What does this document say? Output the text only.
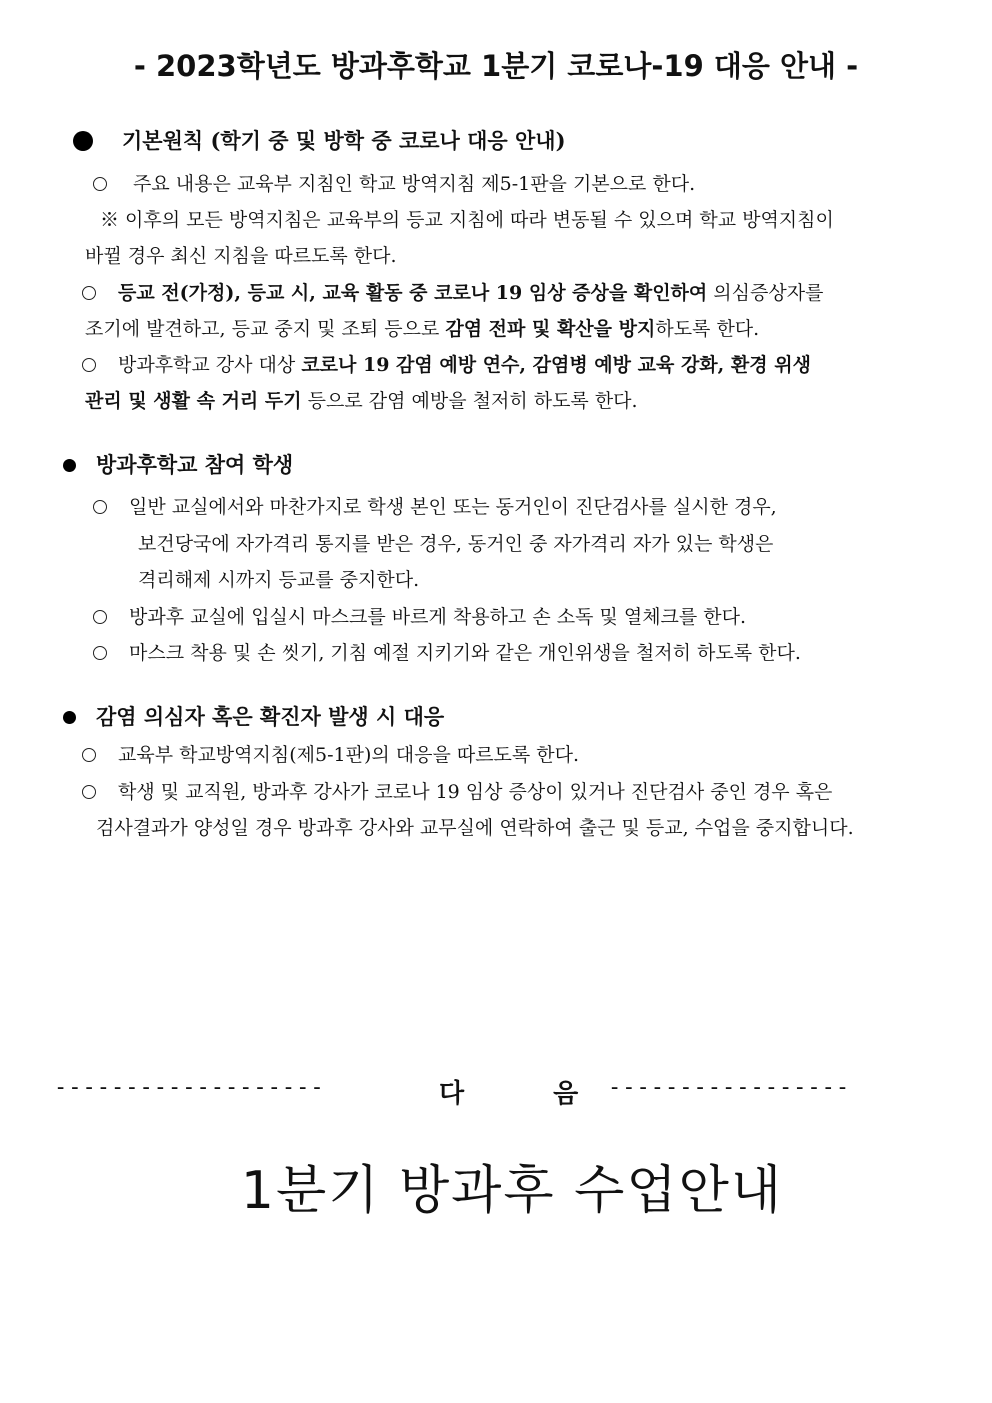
- 2023학년도 방과후학교 1분기 코로나-19 대응 안내 -
기본원칙 (학기 중 및 방학 중 코로나 대응 안내)
주요 내용은 교육부 지침인 학교 방역지침 제5-1판을 기본으로 한다.
※ 이후의 모든 방역지침은 교육부의 등교 지침에 따라 변동될 수 있으며 학교 방역지침이
바뀔 경우 최신 지침을 따르도록 한다.
등교 전(가정), 등교 시, 교육 활동 중 코로나 19 임상 증상을 확인하여 의심증상자를
조기에 발견하고, 등교 중지 및 조퇴 등으로 감염 전파 및 확산을 방지하도록 한다.
방과후학교 강사 대상 코로나 19 감염 예방 연수, 감염병 예방 교육 강화, 환경 위생
관리 및 생활 속 거리 두기 등으로 감염 예방을 철저히 하도록 한다.
방과후학교 참여 학생
일반 교실에서와 마찬가지로 학생 본인 또는 동거인이 진단검사를 실시한 경우,
보건당국에 자가격리 통지를 받은 경우, 동거인 중 자가격리 자가 있는 학생은
격리해제 시까지 등교를 중지한다.
방과후 교실에 입실시 마스크를 바르게 착용하고 손 소독 및 열체크를 한다.
마스크 착용 및 손 씻기, 기침 예절 지키기와 같은 개인위생을 철저히 하도록 한다.
감염 의심자 혹은 확진자 발생 시 대응
교육부 학교방역지침(제5-1판)의 대응을 따르도록 한다.
학생 및 교직원, 방과후 강사가 코로나 19 임상 증상이 있거나 진단검사 중인 경우 혹은
검사결과가 양성일 경우 방과후 강사와 교무실에 연락하여 출근 및 등교, 수업을 중지합니다.
-------------------	다 음
-----------------
1분기 방과후 수업안내
